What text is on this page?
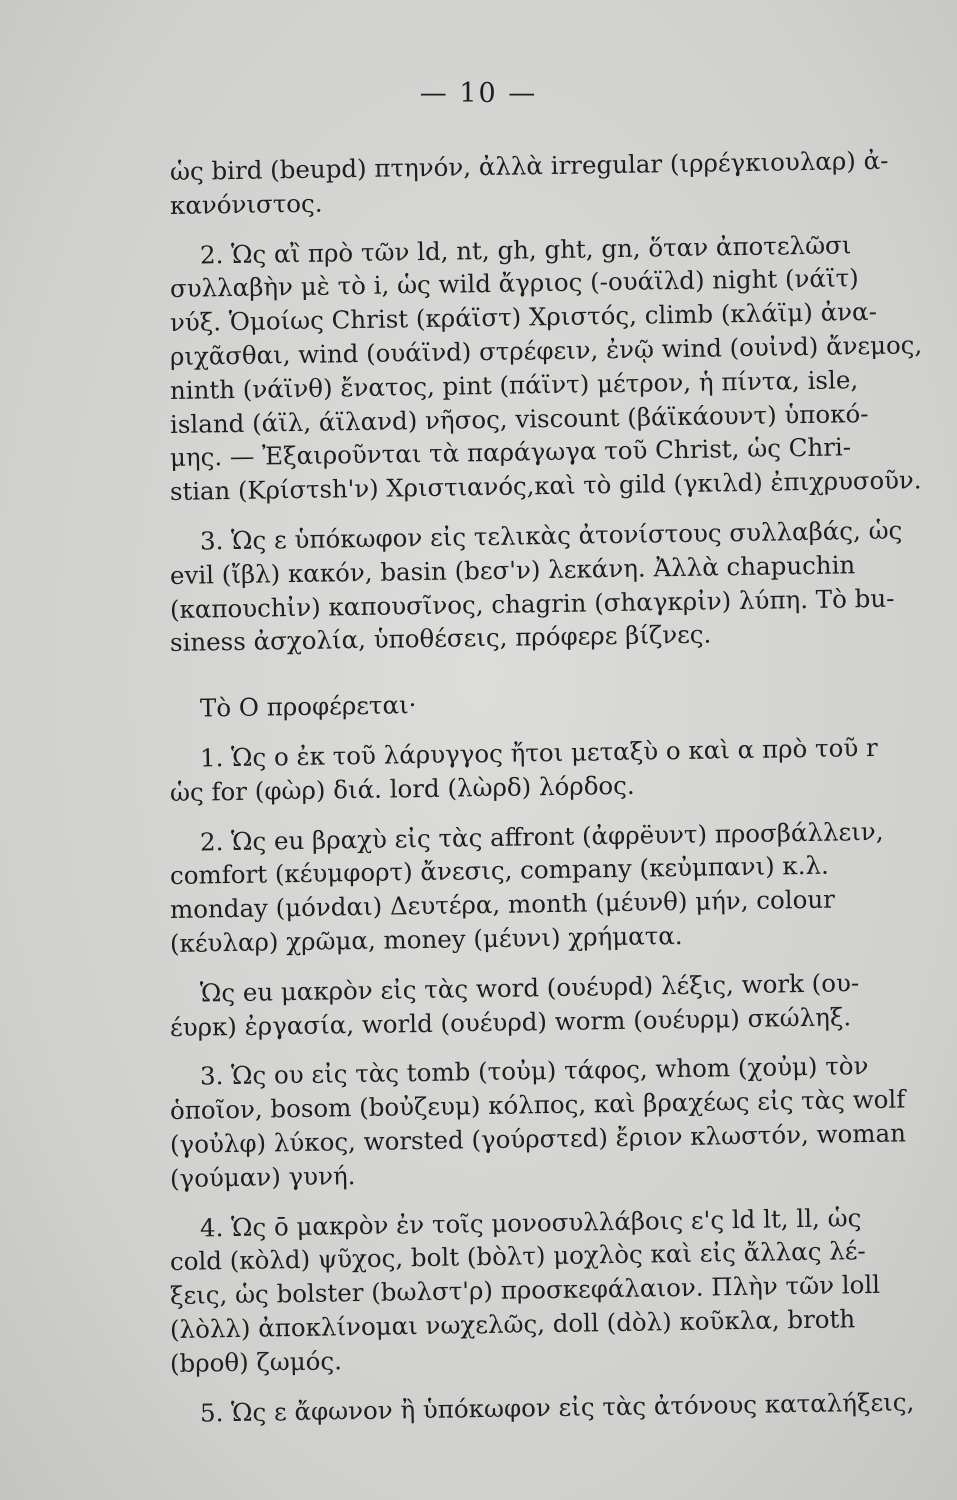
— 10 —
ὡς bird (beupd) πτηνόν, ἀλλὰ irregular (ιρρέγκιουλαρ) ἀ-
κανόνιστος.
2. Ὡς αἲ πρὸ τῶν ld, nt, gh, ght, gn, ὅταν ἀποτελῶσι
συλλαβὴν μὲ τὸ i, ὡς wild ἄγριος (-ουάϊλd) night (νάϊτ)
νύξ. Ὁμοίως Christ (κράϊστ) Χριστός, climb (κλάϊμ) ἀνα-
ριχᾶσθαι, wind (ουάϊνd) στρέφειν, ἐνῷ wind (ουἰνd) ἄνεμος,
ninth (νάϊνθ) ἔνατος, pint (πάϊντ) μέτρον, ἡ πίντα, isle,
island (άϊλ, άϊλανd) νῆσος, viscount (βάϊκάουντ) ὑποκό-
μης. — Ἐξαιροῦνται τὰ παράγωγα τοῦ Christ, ὡς Chri-
stian (Κρίστsh'ν) Χριστιανός,καὶ τὸ gild (γκιλd) ἐπιχρυσοῦν.
3. Ὡς ε ὑπόκωφον εἰς τελικὰς ἀτονίστους συλλαβάς, ὡς
evil (ἴβλ) κακόν, basin (bεσ'ν) λεκάνη. Ἀλλὰ chapuchin
(καπουchἰν) καπουσῖνος, chagrin (σhαγκρἰν) λύπη. Τὸ bu-
siness ἀσχολία, ὑποθέσεις, πρόφερε βίζνες.
Τὸ O προφέρεται·
1. Ὡς ο ἐκ τοῦ λάρυγγος ἤτοι μεταξὺ ο καὶ α πρὸ τοῦ r
ὡς for (φὼρ) διά. lord (λὼρδ) λόρδος.
2. Ὡς eu βραχὺ εἰς τὰς affront (ἀφρëυντ) προσβάλλειν,
comfort (κέυμφορτ) ἄνεσις, company (κεὐμπανι) κ.λ.
monday (μόνdαι) Δευτέρα, month (μέυνθ) μήν, colour
(κέυλαρ) χρῶμα, money (μέυνι) χρήματα.
Ὡς eu μακρὸν εἰς τὰς word (ουέυρd) λέξις, work (ου-
έυρκ) ἐργασία, world (ουέυρd) worm (ουέυρμ) σκώληξ.
3. Ὡς ου εἰς τὰς tomb (τοὐμ) τάφος, whom (χοὐμ) τὸν
ὁποῖον, bosom (boὐζευμ) κόλπος, καὶ βραχέως εἰς τὰς wolf
(γοὐλφ) λύκος, worsted (γούρστεd) ἔριον κλωστόν, woman
(γούμαν) γυνή.
4. Ὡς ō μακρὸν ἐν τοῖς μονοσυλλάβοις ε'ς ld lt, ll, ὡς
cold (κὸλd) ψῦχος, bolt (bὸλτ) μοχλὸς καὶ εἰς ἄλλας λέ-
ξεις, ὡς bolster (bωλστ'ρ) προσκεφάλαιον. Πλὴν τῶν loll
(λὸλλ) ἀποκλίνομαι νωχελῶς, doll (dὸλ) κοῦκλα, broth
(bροθ) ζωμός.
5. Ὡς ε ἄφωνον ἢ ὑπόκωφον εἰς τὰς ἀτόνους καταλήξεις,
